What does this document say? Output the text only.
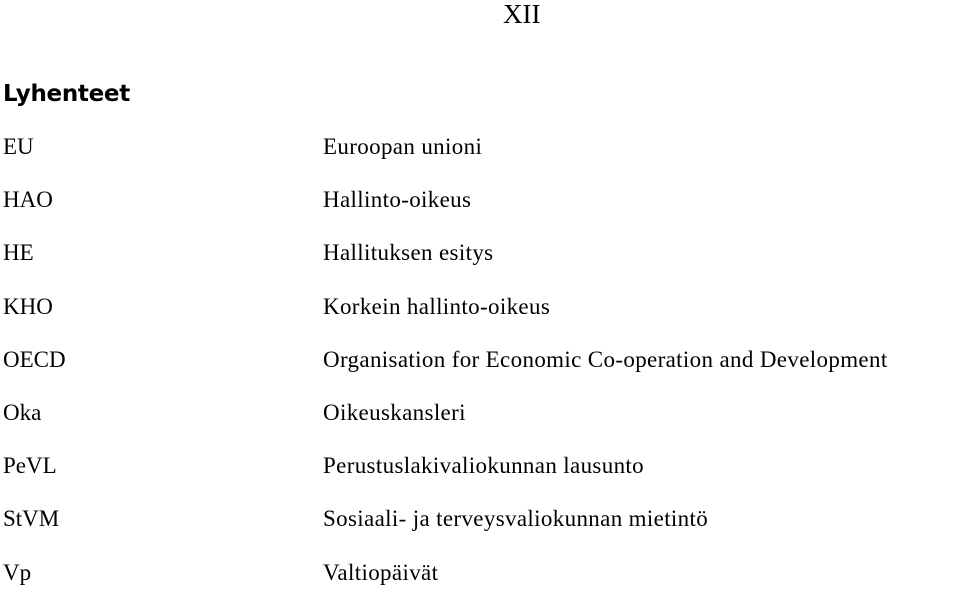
XII
Lyhenteet
EU	Euroopan unioni
HAO	Hallinto-oikeus
HE	Hallituksen esitys
KHO	Korkein hallinto-oikeus
OECD	Organisation for Economic Co-operation and Development
Oka	Oikeuskansleri
PeVL	Perustuslakivaliokunnan lausunto
StVM	Sosiaali- ja terveysvaliokunnan mietintö
Vp	Valtiopäivät
